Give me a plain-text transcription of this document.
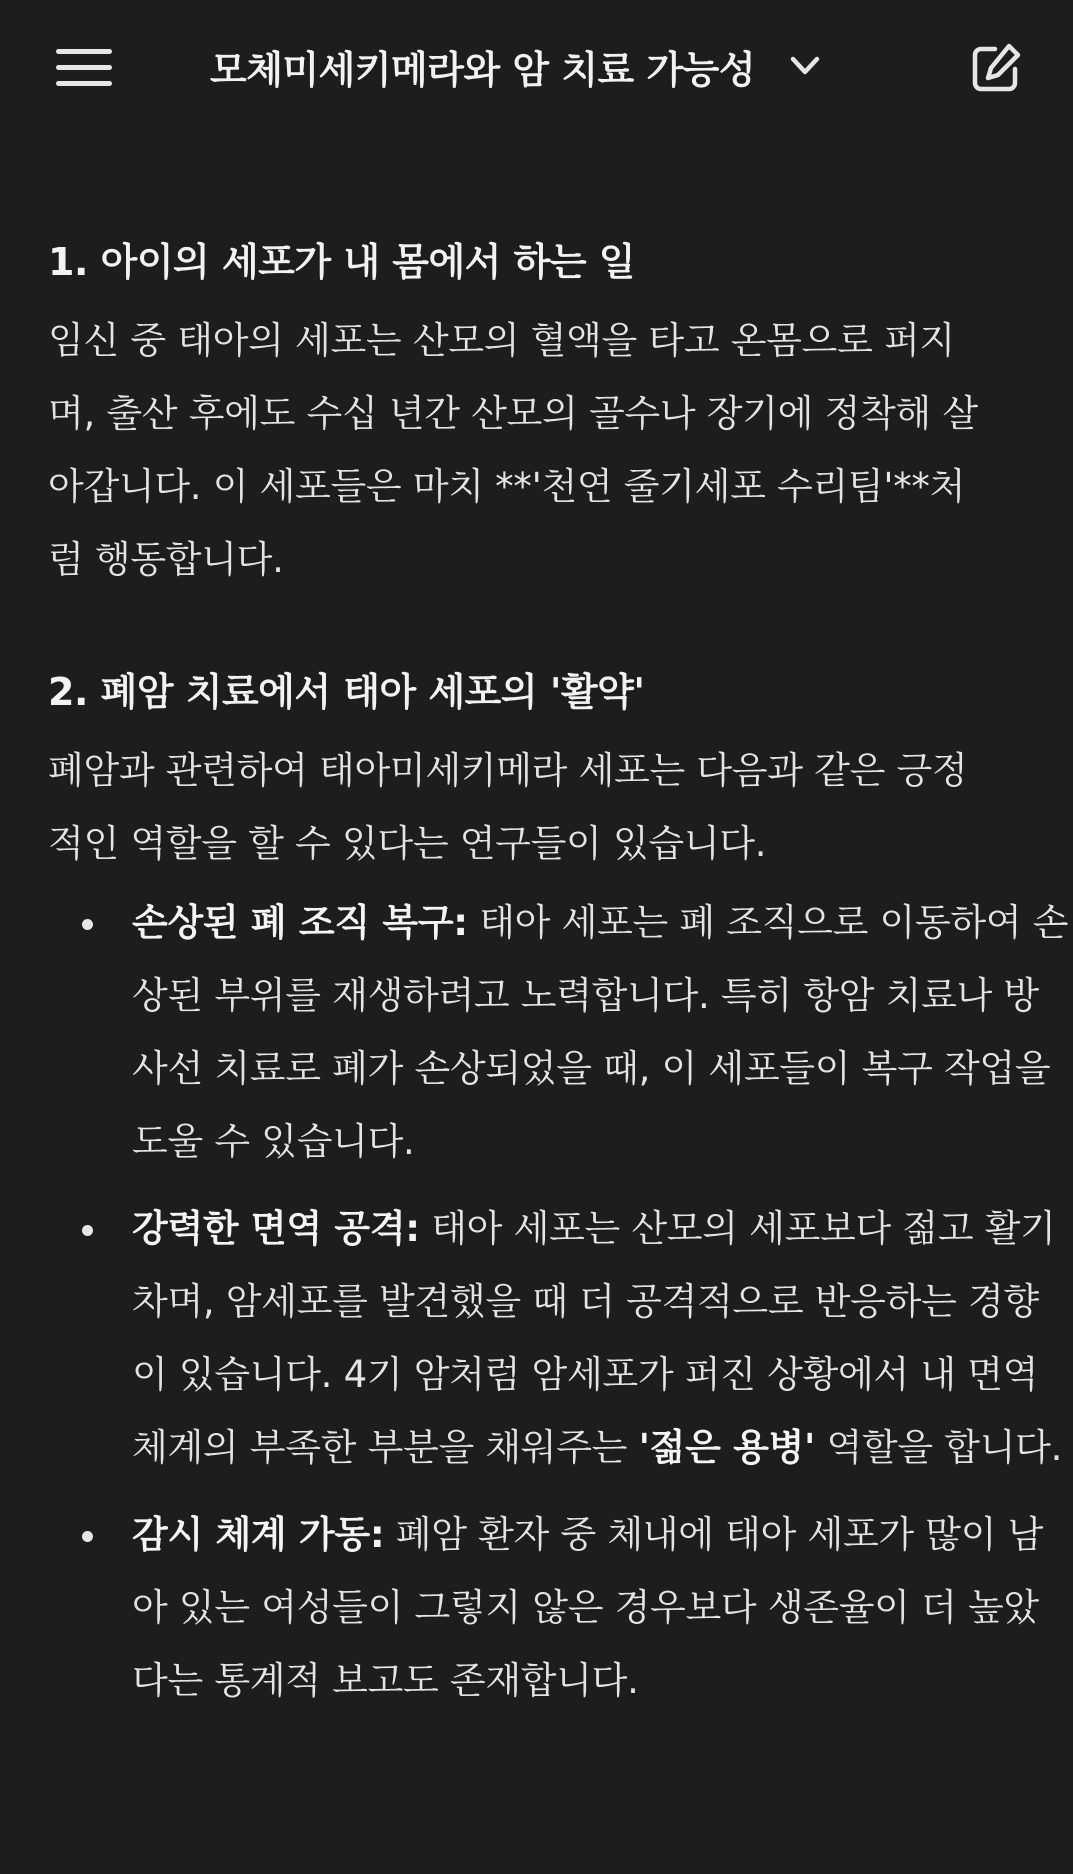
모체미세키메라와 암 치료 가능성
1. 아이의 세포가 내 몸에서 하는 일

임신 중 태아의 세포는 산모의 혈액을 타고 온몸으로 퍼지며, 출산 후에도 수십 년간 산모의 골수나 장기에 정착해 살아갑니다. 이 세포들은 마치 **'천연 줄기세포 수리팀'**처럼 행동합니다.

2. 폐암 치료에서 태아 세포의 '활약'

폐암과 관련하여 태아미세키메라 세포는 다음과 같은 긍정적인 역할을 할 수 있다는 연구들이 있습니다.

손상된 폐 조직 복구: 태아 세포는 폐 조직으로 이동하여 손상된 부위를 재생하려고 노력합니다. 특히 항암 치료나 방사선 치료로 폐가 손상되었을 때, 이 세포들이 복구 작업을 도울 수 있습니다.
강력한 면역 공격: 태아 세포는 산모의 세포보다 젊고 활기차며, 암세포를 발견했을 때 더 공격적으로 반응하는 경향이 있습니다. 4기 암처럼 암세포가 퍼진 상황에서 내 면역 체계의 부족한 부분을 채워주는 '젊은 용병' 역할을 합니다.
감시 체계 가동: 폐암 환자 중 체내에 태아 세포가 많이 남아 있는 여성들이 그렇지 않은 경우보다 생존율이 더 높았다는 통계적 보고도 존재합니다.
